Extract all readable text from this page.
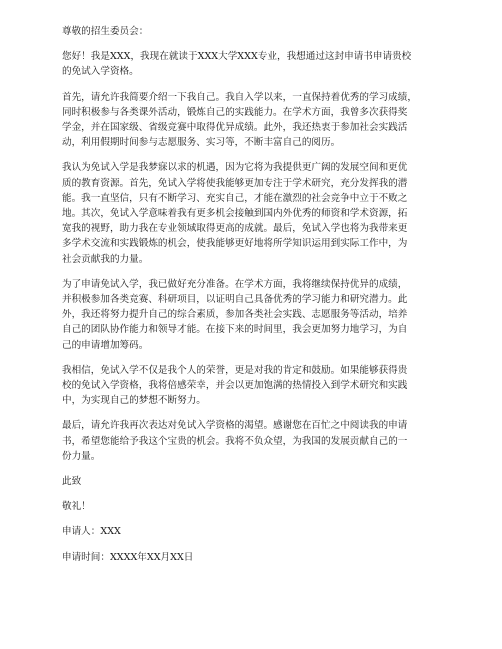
尊敬的招生委员会：
您好！我是XXX，我现在就读于XXX大学XXX专业，我想通过这封申请书申请贵校
的免试入学资格。
首先，请允许我简要介绍一下我自己。我自入学以来，一直保持着优秀的学习成绩，
同时积极参与各类课外活动，锻炼自己的实践能力。在学术方面，我曾多次获得奖
学金，并在国家级、省级竞赛中取得优异成绩。此外，我还热衷于参加社会实践活
动，利用假期时间参与志愿服务、实习等，不断丰富自己的阅历。
我认为免试入学是我梦寐以求的机遇，因为它将为我提供更广阔的发展空间和更优
质的教育资源。首先，免试入学将使我能够更加专注于学术研究，充分发挥我的潜
能。我一直坚信，只有不断学习、充实自己，才能在激烈的社会竞争中立于不败之
地。其次，免试入学意味着我有更多机会接触到国内外优秀的师资和学术资源，拓
宽我的视野，助力我在专业领域取得更高的成就。最后，免试入学也将为我带来更
多学术交流和实践锻炼的机会，使我能够更好地将所学知识运用到实际工作中，为
社会贡献我的力量。
为了申请免试入学，我已做好充分准备。在学术方面，我将继续保持优异的成绩，
并积极参加各类竞赛、科研项目，以证明自己具备优秀的学习能力和研究潜力。此
外，我还将努力提升自己的综合素质，参加各类社会实践、志愿服务等活动，培养
自己的团队协作能力和领导才能。在接下来的时间里，我会更加努力地学习，为自
己的申请增加筹码。
我相信，免试入学不仅是我个人的荣誉，更是对我的肯定和鼓励。如果能够获得贵
校的免试入学资格，我将倍感荣幸，并会以更加饱满的热情投入到学术研究和实践
中，为实现自己的梦想不断努力。
最后，请允许我再次表达对免试入学资格的渴望。感谢您在百忙之中阅读我的申请
书，希望您能给予我这个宝贵的机会。我将不负众望，为我国的发展贡献自己的一
份力量。
此致
敬礼！
申请人：XXX
申请时间：XXXX年XX月XX日
